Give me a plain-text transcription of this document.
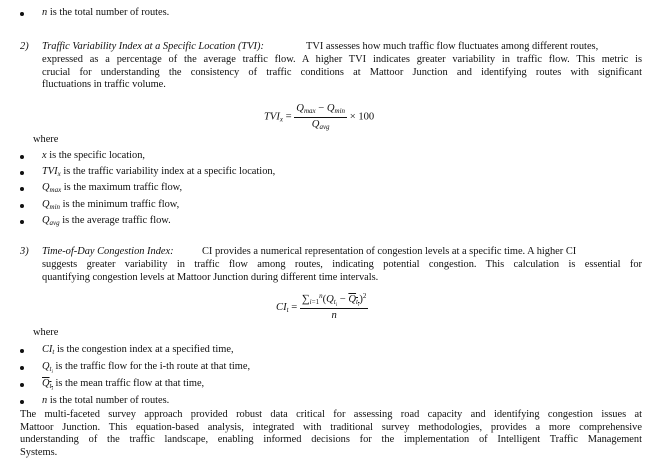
n is the total number of routes.
2) Traffic Variability Index at a Specific Location (TVI):	TVI assesses how much traffic flow fluctuates among different routes,

expressed as a percentage of the average traffic flow. A higher TVI indicates greater variability in traffic flow. This metric is

crucial for understanding the consistency of traffic conditions at Mattoor Junction and identifying routes with significant

fluctuations in traffic volume.

$TVI_x = \frac{Q_{max} - Q_{min}}{Q_{avg}} \times 100$
where
x is the specific location,
$TVI_x$ is the traffic variability index at a specific location,
$Q_{max}$ is the maximum traffic flow,
$Q_{min}$ is the minimum traffic flow,
$Q_{avg}$ is the average traffic flow.
3) Time-of-Day Congestion Index:	CI provides a numerical representation of congestion levels at a specific time. A higher CI

suggests greater variability in traffic flow among routes, indicating potential congestion. This calculation is essential for

quantifying congestion levels at Mattoor Junction during different time intervals.

$CI_t = \frac{\sum_{i=1}^n(Q_{t_i} - Q_{t_i})^2}{n}$
where
$CI_t$ is the congestion index at a specified time,
$Q_{t_i}$ is the traffic flow for the i-th route at that time,
$Q_{t_i}$ is the mean traffic flow at that time,
n is the total number of routes.

The multi-faceted survey approach provided robust data critical for assessing road capacity and identifying congestion issues at

Mattoor Junction. This equation-based analysis, integrated with traditional survey methodologies, provides a more comprehensive

understanding of the traffic landscape, enabling informed decisions for the implementation of Intelligent Traffic Management

Systems.
